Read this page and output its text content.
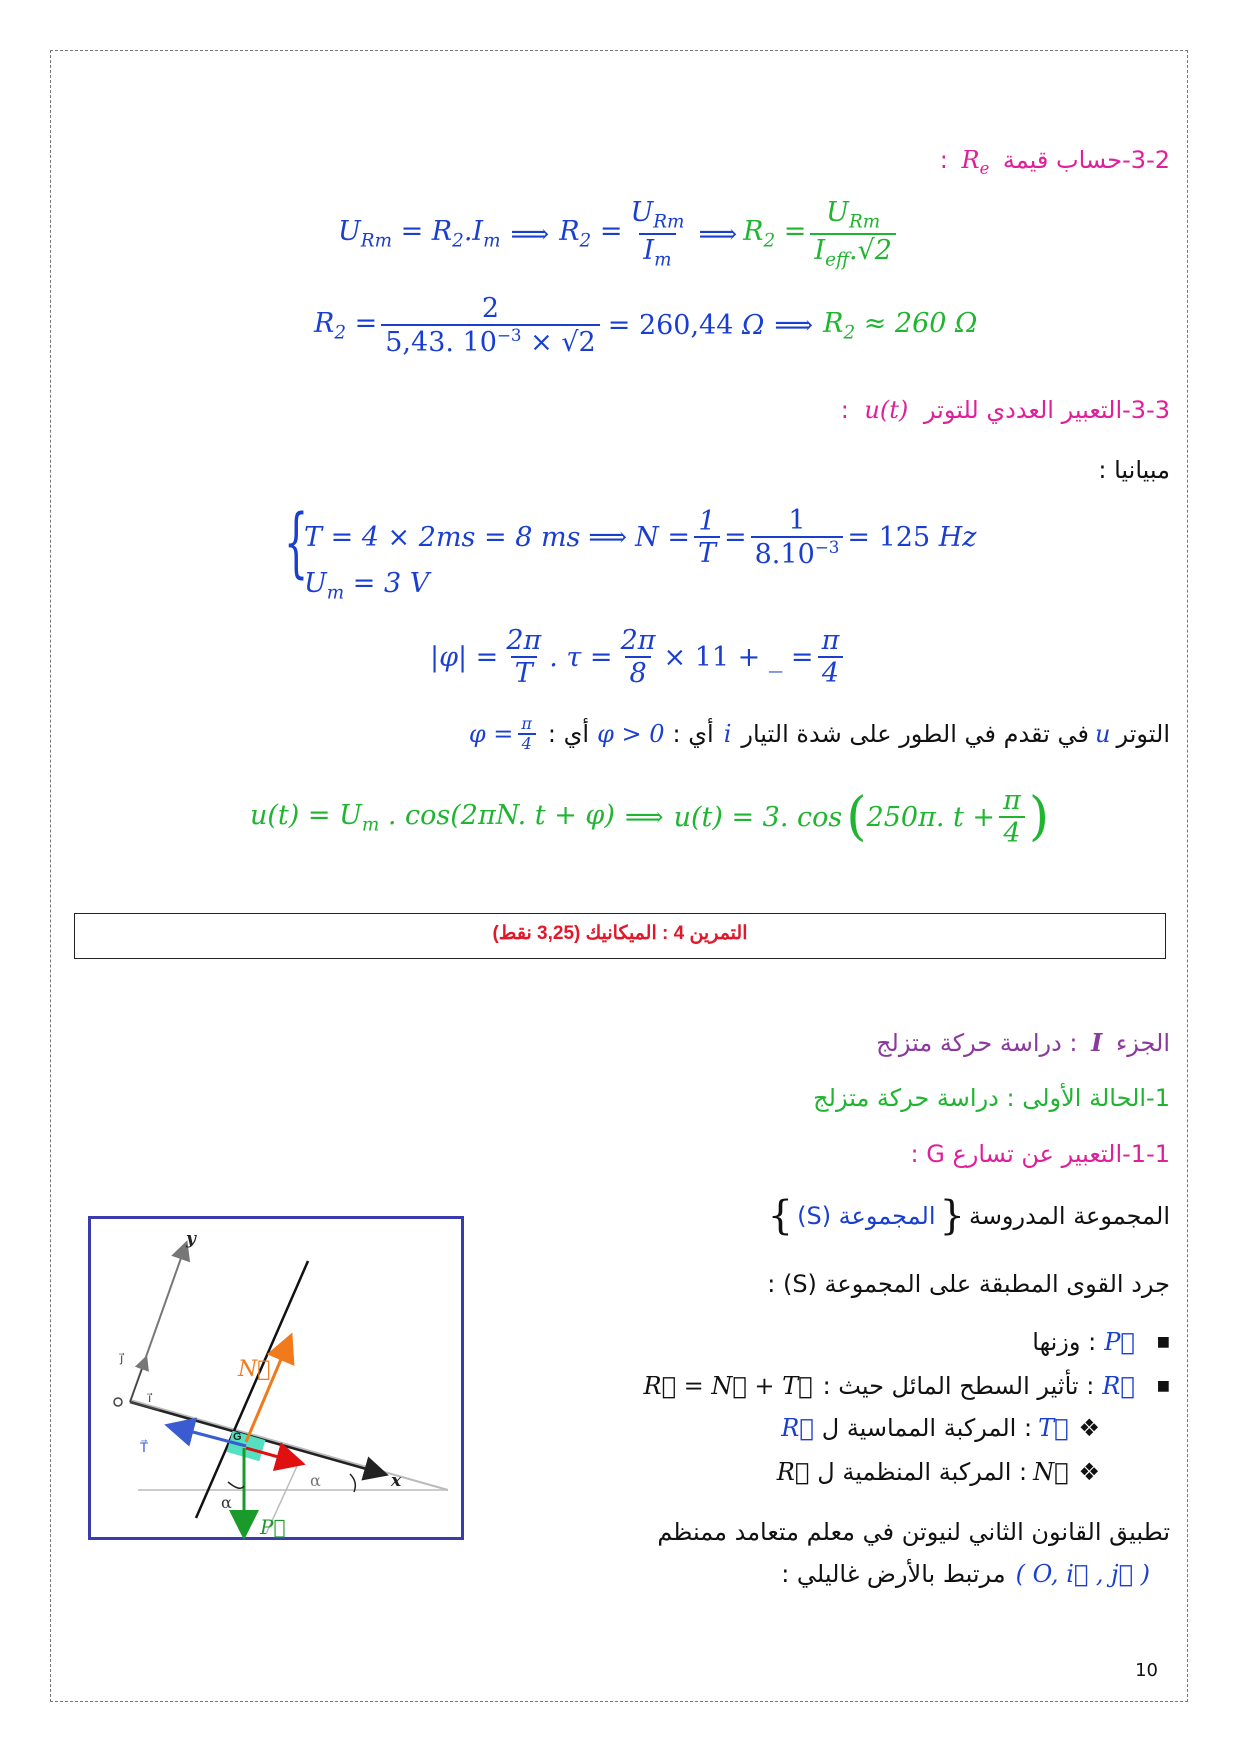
3-2-حساب قيمة $R_e$ :
$U_{Rm} = R_2.I_m$ ⟹ $R_2 = \frac{U_{Rm}}{I_m}$ ⟹ $R_2 = \frac{U_{Rm}}{I_{eff}.√2}$
$R_2 = \frac{2}{5,43. 10^{-3} \times √2} = 260,44$ Ω ⟹ $R_2 \approx 260$ Ω
3-3-التعبير العددي للتوتر u(t) :
مبيانيا :
{
T = 4 × 2ms = 8 ms ⟹ $N = \frac{1}{T} = \frac{1}{8.10^{-3}} = 125$ Hz
$U_m = 3$ V
$|\varphi| = \frac{2\pi}{T}$ . $\tau = \frac{2\pi}{8} \times 11$ + _ = $\frac{\pi}{4}$
التوتر
u
في تقدم في الطور على شدة التيار
i
أي :
φ > 0
أي :
$\varphi = \frac{\pi}{4}$
$u(t) = U_m$ . cos(2πN. t + φ) ⟹ u(t) = 3. cos ( 250π. $t + \frac{\pi}{4}$ )
التمرين 4 : الميكانيك (3,25 نقط)
الجزء I : دراسة حركة متزلج
1-الحالة الأولى : دراسة حركة متزلج
1-1-التعبير عن تسارع G :
المجموعة المدروسة
{
المجموعة (S)
}
جرد القوى المطبقة على المجموعة (S) :
■
P⃗
: وزنها
■
R⃗
: تأثير السطح المائل حيث :
R⃗ = N⃗ + T⃗
❖
T⃗
: المركبة المماسية ل
R⃗
❖
N⃗
: المركبة المنظمية ل
R⃗
تطبيق القانون الثاني لنيوتن في معلم متعامد ممنظم
( O, i⃗ , j⃗ )
مرتبط بالأرض غاليلي :
x
y
j⃗
i⃗
G
N⃗
T⃗
P⃗
α
α
10
